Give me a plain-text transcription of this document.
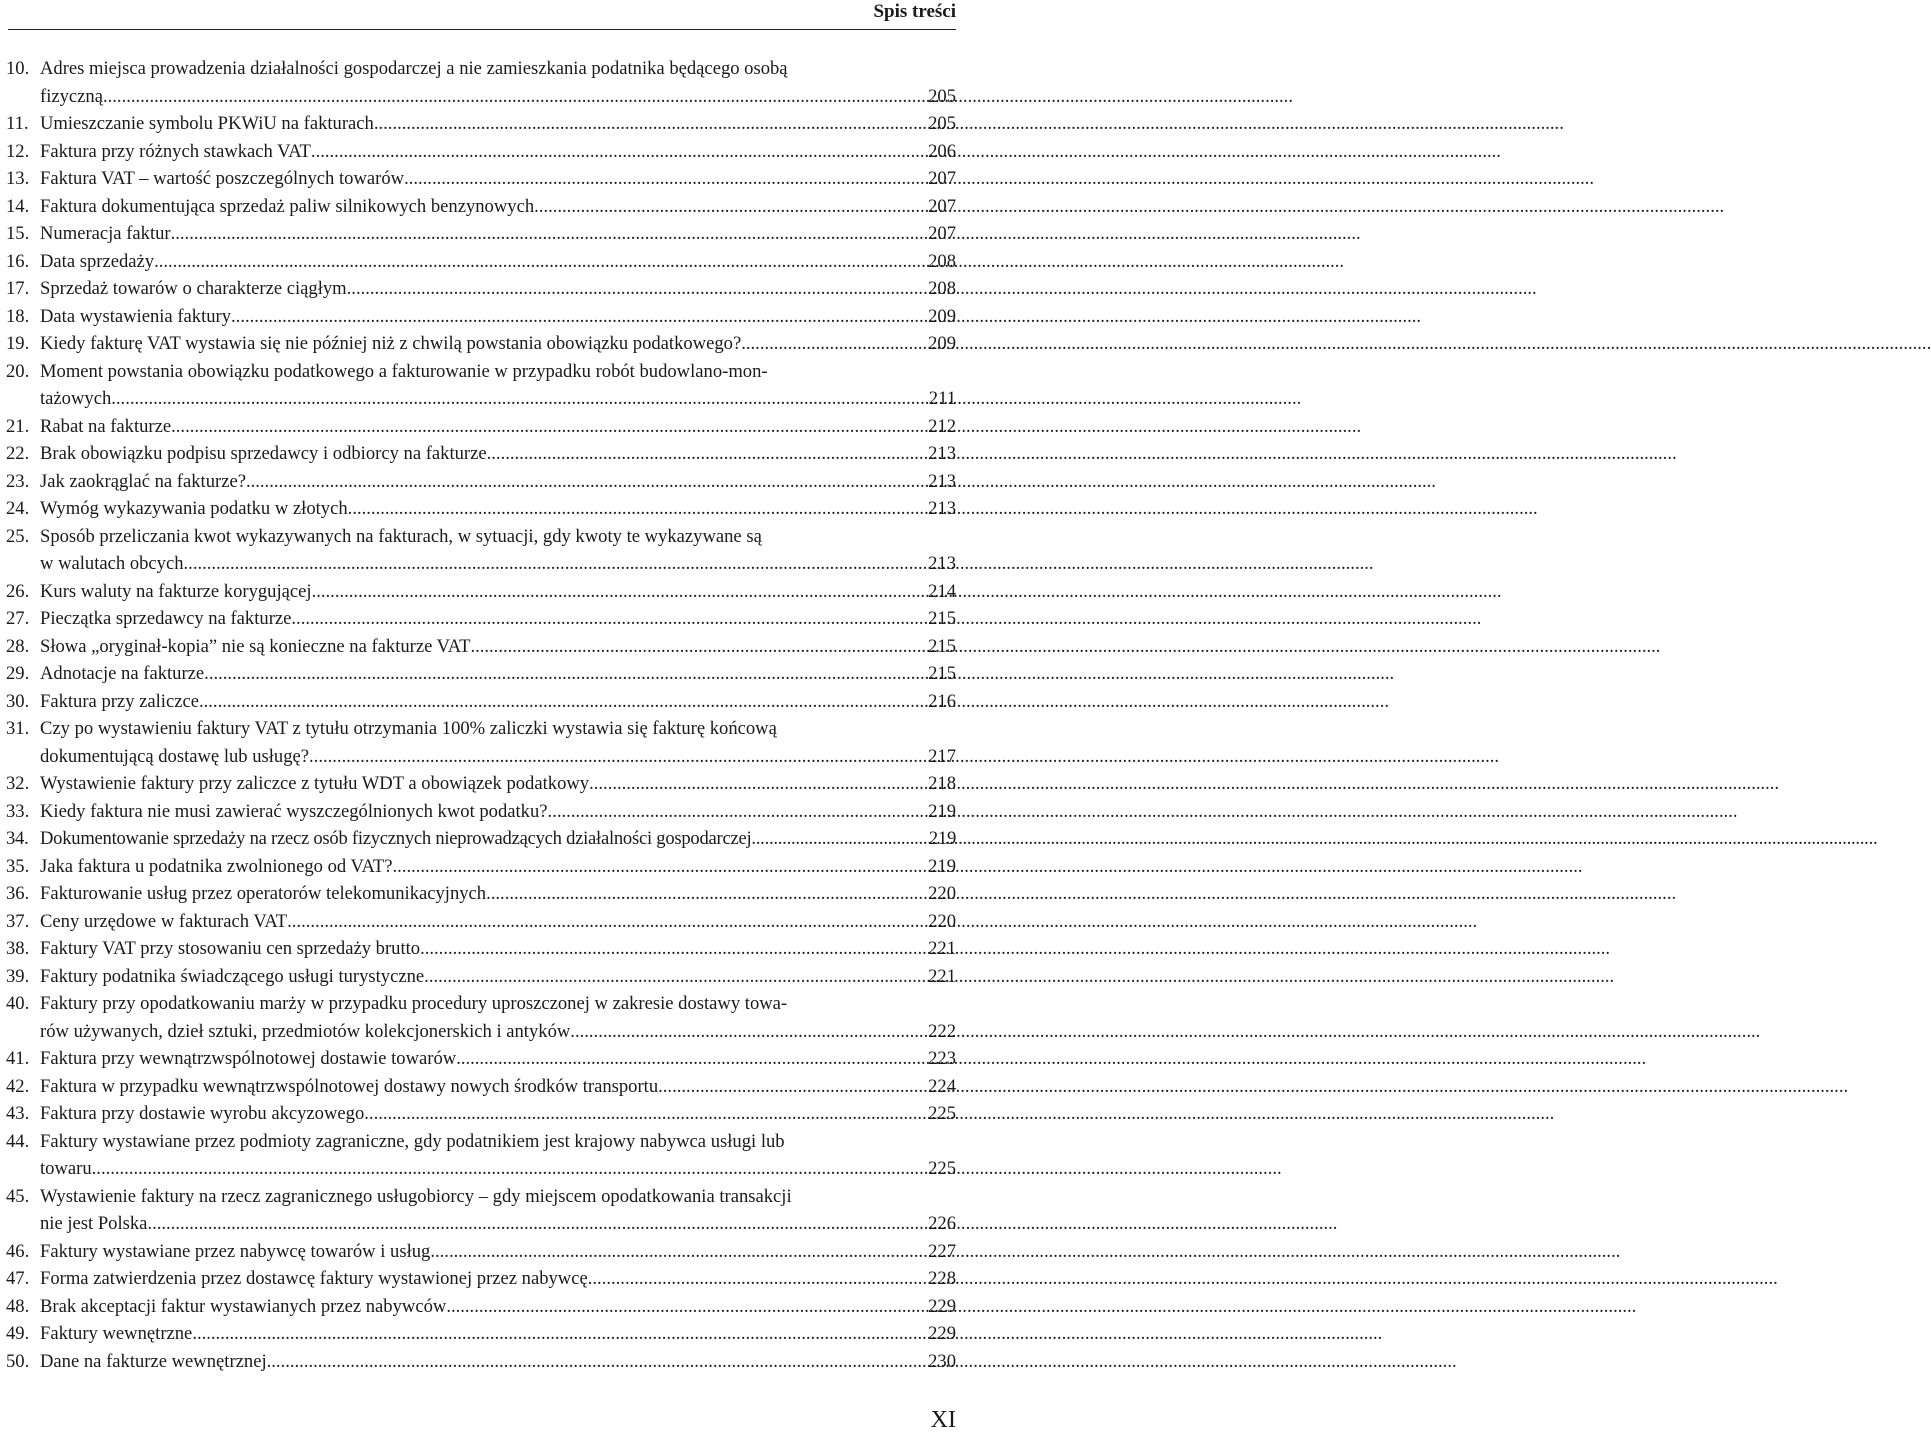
Spis treści
10. Adres miejsca prowadzenia działalności gospodarczej a nie zamieszkania podatnika będącego osobą
fizyczną .....	205
11. Umieszczanie symbolu PKWiU na fakturach .....	205
12. Faktura przy różnych stawkach VAT .....	206
13. Faktura VAT – wartość poszczególnych towarów .....	207
14. Faktura dokumentująca sprzedaż paliw silnikowych benzynowych .....	207
15. Numeracja faktur .....	207
16. Data sprzedaży .....	208
17. Sprzedaż towarów o charakterze ciągłym .....	208
18. Data wystawienia faktury .....	209
19. Kiedy fakturę VAT wystawia się nie później niż z chwilą powstania obowiązku podatkowego? .....	209
20. Moment powstania obowiązku podatkowego a fakturowanie w przypadku robót budowlano-mon-
tażowych .....	211
21. Rabat na fakturze .....	212
22. Brak obowiązku podpisu sprzedawcy i odbiorcy na fakturze .....	213
23. Jak zaokrąglać na fakturze? .....	213
24. Wymóg wykazywania podatku w złotych .....	213
25. Sposób przeliczania kwot wykazywanych na fakturach, w sytuacji, gdy kwoty te wykazywane są
w walutach obcych .....	213
26. Kurs waluty na fakturze korygującej .....	214
27. Pieczątka sprzedawcy na fakturze .....	215
28. Słowa „oryginał-kopia” nie są konieczne na fakturze VAT .....	215
29. Adnotacje na fakturze .....	215
30. Faktura przy zaliczce .....	216
31. Czy po wystawieniu faktury VAT z tytułu otrzymania 100% zaliczki wystawia się fakturę końcową
dokumentującą dostawę lub usługę? .....	217
32. Wystawienie faktury przy zaliczce z tytułu WDT a obowiązek podatkowy .....	218
33. Kiedy faktura nie musi zawierać wyszczególnionych kwot podatku? .....	219
34. Dokumentowanie sprzedaży na rzecz osób fizycznych nieprowadzących działalności gospodarczej .....	219
35. Jaka faktura u podatnika zwolnionego od VAT? .....	219
36. Fakturowanie usług przez operatorów telekomunikacyjnych .....	220
37. Ceny urzędowe w fakturach VAT .....	220
38. Faktury VAT przy stosowaniu cen sprzedaży brutto .....	221
39. Faktury podatnika świadczącego usługi turystyczne .....	221
40. Faktury przy opodatkowaniu marży w przypadku procedury uproszczonej w zakresie dostawy towa-
rów używanych, dzieł sztuki, przedmiotów kolekcjonerskich i antyków .....	222
41. Faktura przy wewnątrzwspólnotowej dostawie towarów .....	223
42. Faktura w przypadku wewnątrzwspólnotowej dostawy nowych środków transportu .....	224
43. Faktura przy dostawie wyrobu akcyzowego .....	225
44. Faktury wystawiane przez podmioty zagraniczne, gdy podatnikiem jest krajowy nabywca usługi lub
towaru .....	225
45. Wystawienie faktury na rzecz zagranicznego usługobiorcy – gdy miejscem opodatkowania transakcji
nie jest Polska .....	226
46. Faktury wystawiane przez nabywcę towarów i usług .....	227
47. Forma zatwierdzenia przez dostawcę faktury wystawionej przez nabywcę .....	228
48. Brak akceptacji faktur wystawianych przez nabywców .....	229
49. Faktury wewnętrzne .....	229
50. Dane na fakturze wewnętrznej .....	230
XI
